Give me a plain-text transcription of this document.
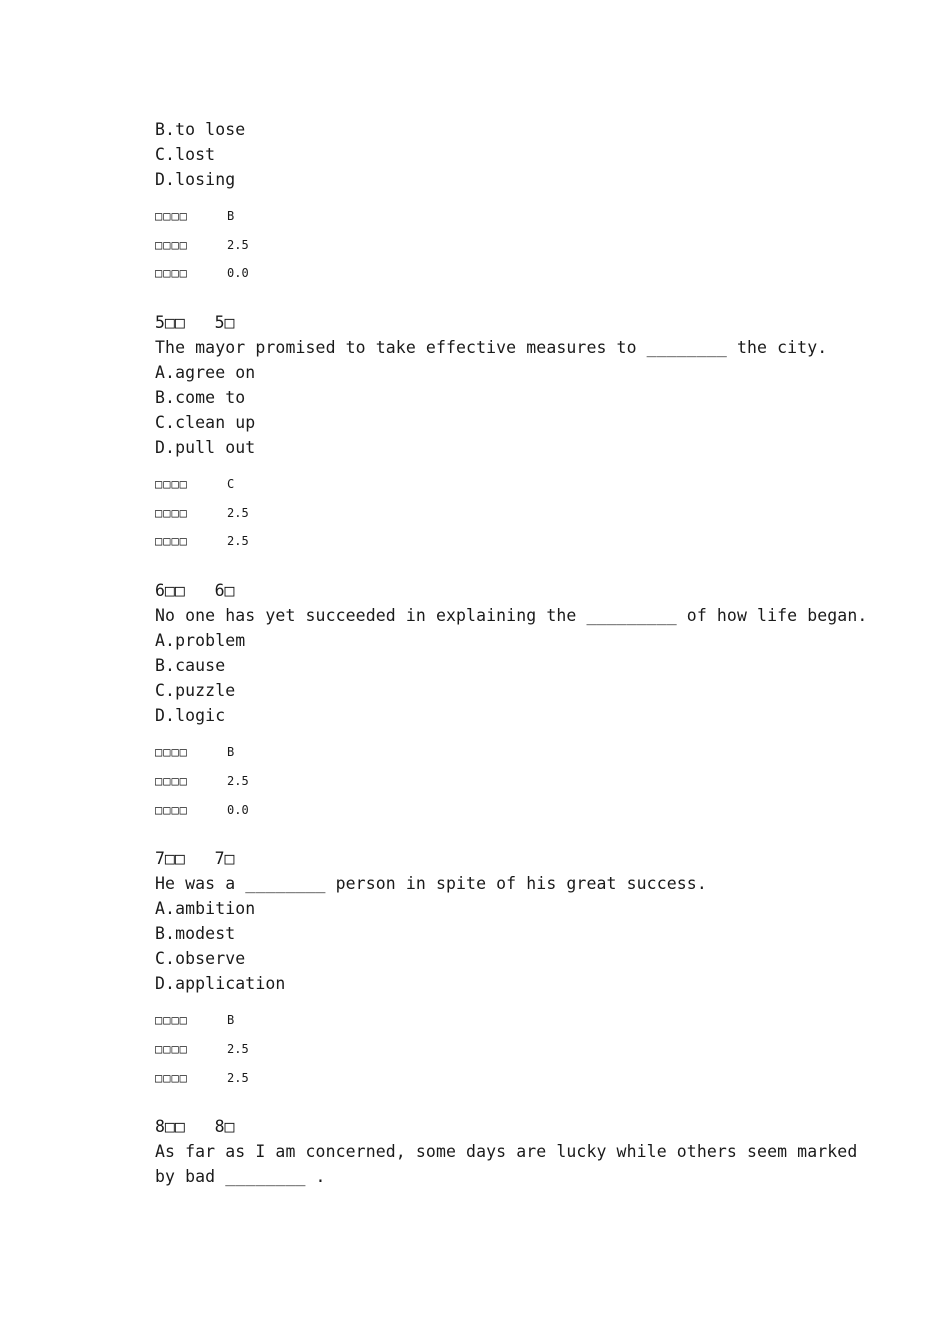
B.to lose
C.lost
D.losing
□□□□	B
□□□□	2.5
□□□□	0.0
5□□   5□
The mayor promised to take effective measures to ________ the city.
A.agree on
B.come to
C.clean up
D.pull out
□□□□	C
□□□□	2.5
□□□□	2.5
6□□   6□
No one has yet succeeded in explaining the _________ of how life began.
A.problem
B.cause
C.puzzle
D.logic
□□□□	B
□□□□	2.5
□□□□	0.0
7□□   7□
He was a ________ person in spite of his great success.
A.ambition
B.modest
C.observe
D.application
□□□□	B
□□□□	2.5
□□□□	2.5
8□□   8□
As far as I am concerned, some days are lucky while others seem marked
by bad ________ .
